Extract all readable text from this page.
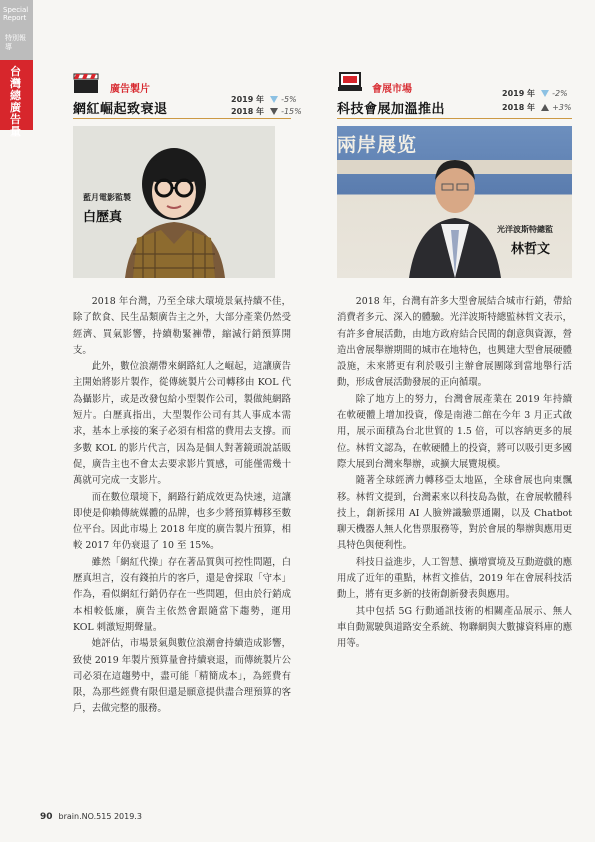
Special Report
特別報導
台灣總廣告量
廣告製片
網紅崛起致衰退
2019 年 -5%
2018 年 -15%
會展市場
科技會展加溫推出
2019 年 -2%
2018 年 +3%
藍月電影監製
白歷真
兩岸展览
光洋波斯特總監
林哲文

2018 年台灣，乃至全球大環境景氣持續不佳，除了飲食、民生品類廣告主之外，大部分產業仍然受經濟、買氣影響，持續勒緊褲帶，縮減行銷預算開支。

此外，數位浪潮帶來網路紅人之崛起，這讓廣告主開始將影片製作，從傳統製片公司轉移由 KOL 代為攝影片，或是改發包給小型製作公司，製做純網路短片。白歷真指出，大型製作公司有其人事成本需求，基本上承接的案子必須有相當的費用去支撐。而多數 KOL 的影片代言，因為是個人對著鏡頭說話販促，廣告主也不會太去要求影片質感，可能僅需幾十萬就可完成一支影片。

而在數位環境下，網路行銷成效更為快速，這讓即使是仰賴傳統媒體的品牌，也多少將預算轉移至數位平台。因此市場上 2018 年度的廣告製片預算，相較 2017 年仍衰退了 10 至 15%。

雖然「網紅代操」存在著品質與可控性問題，白歷真坦言，沒有錢拍片的客戶，還是會採取「守本」作為，看似網紅行銷仍存在一些問題，但由於行銷成本相較低廉，廣告主依然會跟隨當下趨勢，運用 KOL 刺激短期聲量。

她評估，市場景氣與數位浪潮會持續造成影響，致使 2019 年製片預算量會持續衰退，而傳統製片公司必須在這趨勢中，盡可能「精簡成本」，為經費有限，為那些經費有限但還是願意提供盡合理預算的客戶，去做完整的服務。

2018 年，台灣有許多大型會展結合城市行銷，帶給消費者多元、深入的體驗。光洋波斯特總監林哲文表示，有許多會展活動，由地方政府結合民間的創意與資源，營造出會展舉辦期間的城市在地特色，也興建大型會展硬體設施，未來將更有利於吸引主辦會展團隊到當地舉行活動，形成會展活動發展的正向循環。

除了地方上的努力，台灣會展產業在 2019 年持續在軟硬體上增加投資，像是南港二館在今年 3 月正式啟用，展示面積為台北世貿的 1.5 倍，可以容納更多的展位。林哲文認為，在軟硬體上的投資，將可以吸引更多國際大展到台灣來舉辦，或擴大展覽規模。

隨著全球經濟力轉移亞太地區，全球會展也向東飄移。林哲文提到，台灣素來以科技島為傲，在會展軟體科技上，創新採用 AI 人臉辨識驗票通關，以及 Chatbot 聊天機器人無人化售票服務等，對於會展的舉辦與應用更具特色與便利性。

科技日益進步，人工智慧、擴增實境及互動遊戲的應用成了近年的重點，林哲文推估，2019 年在會展科技活動上，將有更多新的技術創新發表與應用。

其中包括 5G 行動通訊技術的相關產品展示、無人車自動駕駛與道路安全系統、物聯網與大數據資料庫的應用等。

90 brain.NO.515 2019.3
